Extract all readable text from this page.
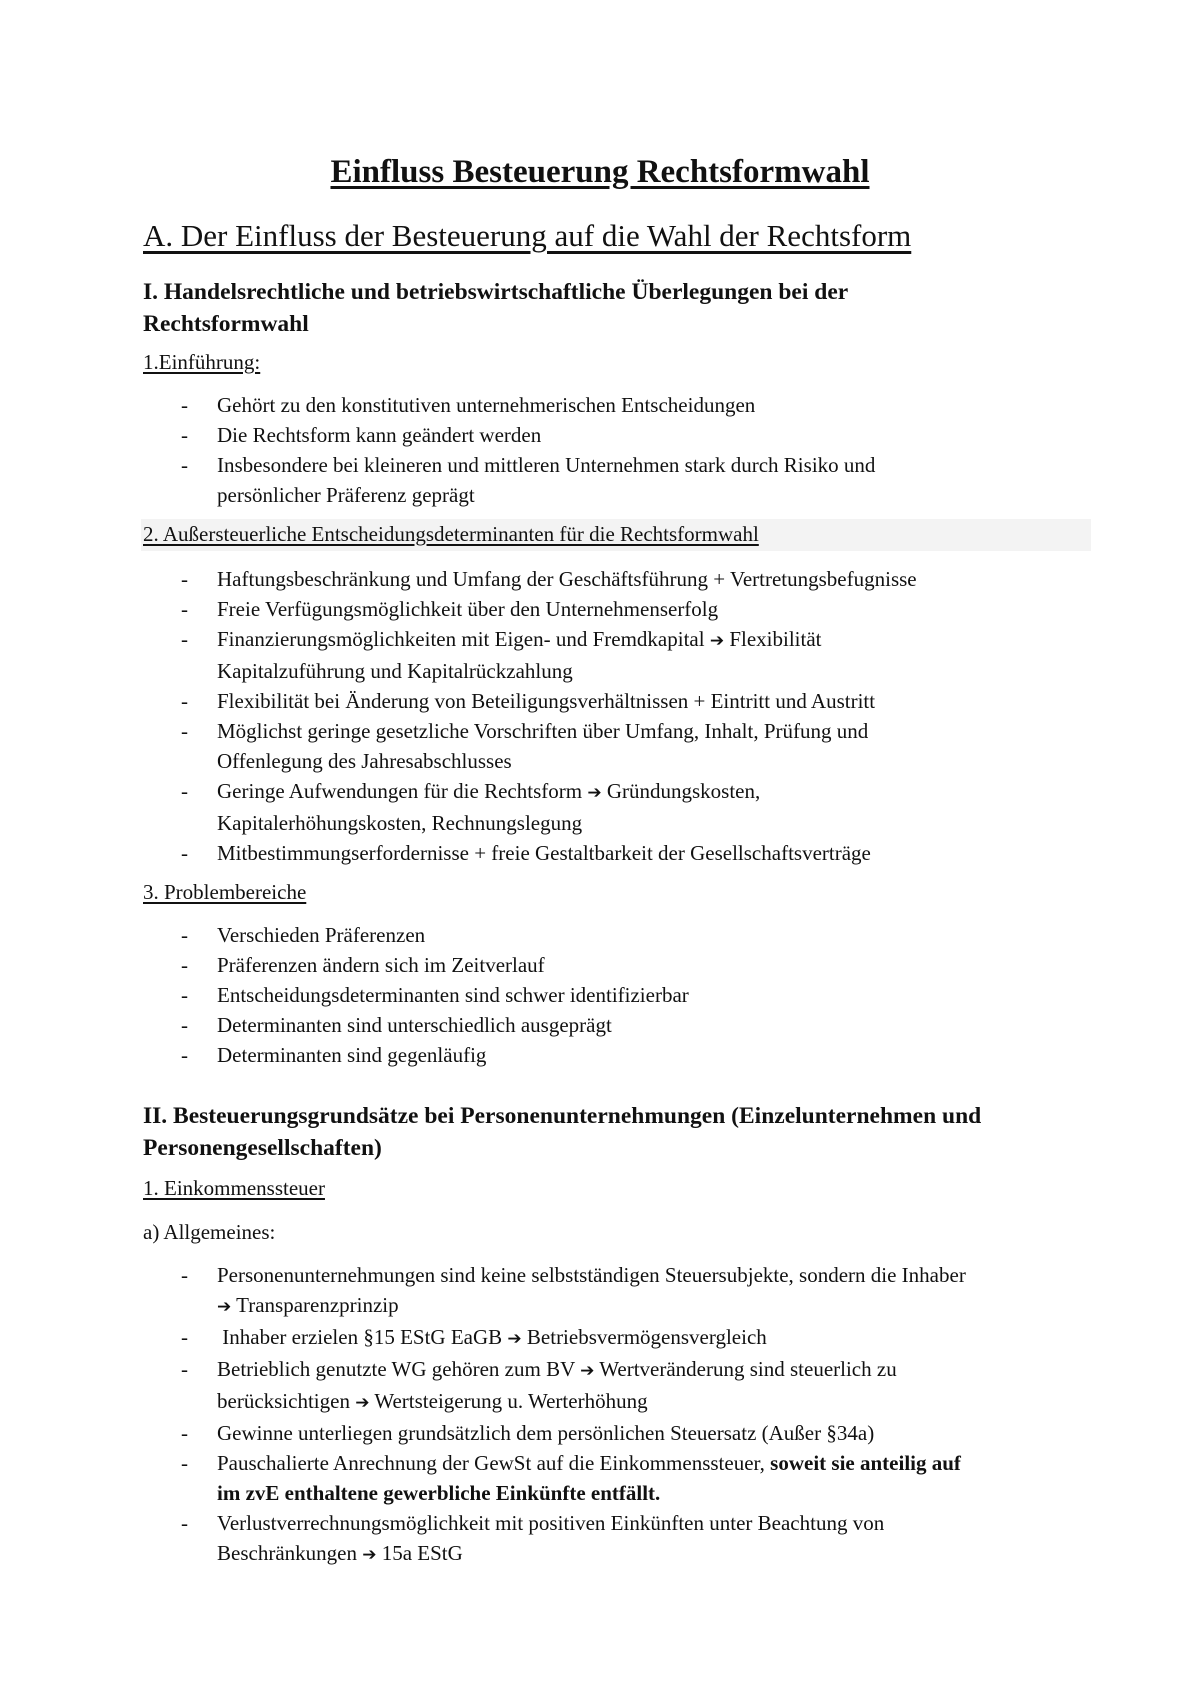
Einfluss Besteuerung Rechtsformwahl
A. Der Einfluss der Besteuerung auf die Wahl der Rechtsform
I. Handelsrechtliche und betriebswirtschaftliche Überlegungen bei der
Rechtsformwahl
1.Einführung:
- Gehört zu den konstitutiven unternehmerischen Entscheidungen
- Die Rechtsform kann geändert werden
- Insbesondere bei kleineren und mittleren Unternehmen stark durch Risiko und
persönlicher Präferenz geprägt
2. Außersteuerliche Entscheidungsdeterminanten für die Rechtsformwahl
- Haftungsbeschränkung und Umfang der Geschäftsführung + Vertretungsbefugnisse
- Freie Verfügungsmöglichkeit über den Unternehmenserfolg
- Finanzierungsmöglichkeiten mit Eigen- und Fremdkapital ➔ Flexibilität
Kapitalzuführung und Kapitalrückzahlung
- Flexibilität bei Änderung von Beteiligungsverhältnissen + Eintritt und Austritt
- Möglichst geringe gesetzliche Vorschriften über Umfang, Inhalt, Prüfung und
Offenlegung des Jahresabschlusses
- Geringe Aufwendungen für die Rechtsform ➔ Gründungskosten,
Kapitalerhöhungskosten, Rechnungslegung
- Mitbestimmungserfordernisse + freie Gestaltbarkeit der Gesellschaftsverträge
3. Problembereiche
- Verschieden Präferenzen
- Präferenzen ändern sich im Zeitverlauf
- Entscheidungsdeterminanten sind schwer identifizierbar
- Determinanten sind unterschiedlich ausgeprägt
- Determinanten sind gegenläufig
II. Besteuerungsgrundsätze bei Personenunternehmungen (Einzelunternehmen und
Personengesellschaften)
1. Einkommenssteuer
a) Allgemeines:
- Personenunternehmungen sind keine selbstständigen Steuersubjekte, sondern die Inhaber
➔ Transparenzprinzip
-  Inhaber erzielen §15 EStG EaGB ➔ Betriebsvermögensvergleich
- Betrieblich genutzte WG gehören zum BV ➔ Wertveränderung sind steuerlich zu
berücksichtigen ➔ Wertsteigerung u. Werterhöhung
- Gewinne unterliegen grundsätzlich dem persönlichen Steuersatz (Außer §34a)
- Pauschalierte Anrechnung der GewSt auf die Einkommenssteuer, soweit sie anteilig auf
im zvE enthaltene gewerbliche Einkünfte entfällt.
- Verlustverrechnungsmöglichkeit mit positiven Einkünften unter Beachtung von
Beschränkungen ➔ 15a EStG
